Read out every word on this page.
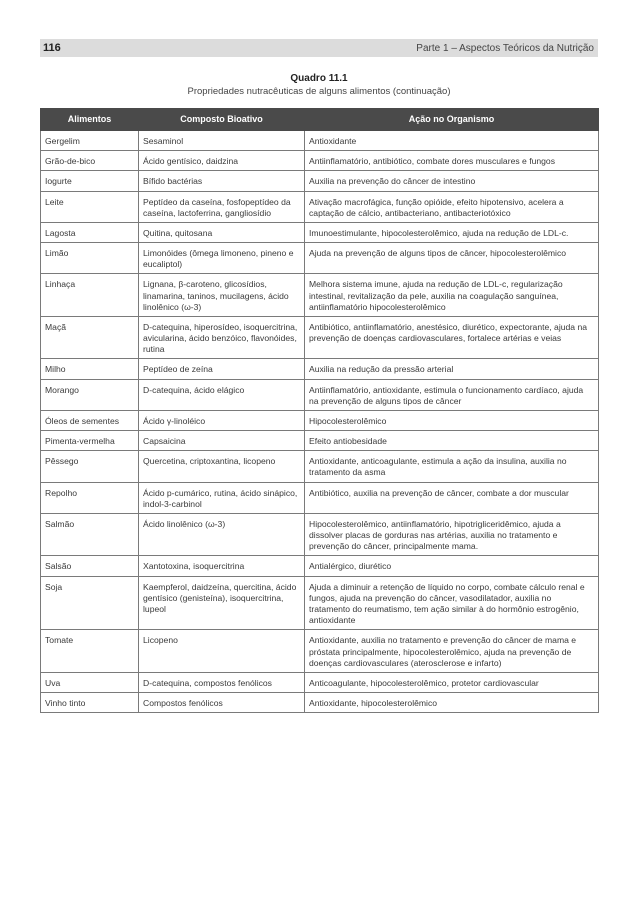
116	Parte 1 – Aspectos Teóricos da Nutrição
Quadro 11.1
Propriedades nutracêuticas de alguns alimentos (continuação)
Alimentos	Composto Bioativo	Ação no Organismo
Gergelim	Sesaminol	Antioxidante
Grão-de-bico	Ácido gentísico, daidzina	Antiinflamatório, antibiótico, combate dores musculares e fungos
Iogurte	Bífido bactérias	Auxilia na prevenção do câncer de intestino
Leite	Peptídeo da caseína, fosfopeptídeo da caseína, lactoferrina, gangliosídio	Ativação macrofágica, função opióide, efeito hipotensivo, acelera a captação de cálcio, antibacteriano, antibacteriotóxico
Lagosta	Quitina, quitosana	Imunoestimulante, hipocolesterolêmico, ajuda na redução de LDL-c.
Limão	Limonóides (ômega limoneno, pineno e eucaliptol)	Ajuda na prevenção de alguns tipos de câncer, hipocolesterolêmico
Linhaça	Lignana, β-caroteno, glicosídios, linamarina, taninos, mucilagens, ácido linolênico (ω-3)	Melhora sistema imune, ajuda na redução de LDL-c, regularização intestinal, revitalização da pele, auxilia na coagulação sanguínea, antiinflamatório hipocolesterolêmico
Maçã	D-catequina, hiperosídeo, isoquercitrina, avicularina, ácido benzóico, flavonóides, rutina	Antibiótico, antiinflamatório, anestésico, diurético, expectorante, ajuda na prevenção de doenças cardiovasculares, fortalece artérias e veias
Milho	Peptídeo de zeína	Auxilia na redução da pressão arterial
Morango	D-catequina, ácido elágico	Antiinflamatório, antioxidante, estimula o funcionamento cardíaco, ajuda na prevenção de alguns tipos de câncer
Óleos de sementes	Ácido γ-linoléico	Hipocolesterolêmico
Pimenta-vermelha	Capsaicina	Efeito antiobesidade
Pêssego	Quercetina, criptoxantina, licopeno	Antioxidante, anticoagulante, estimula a ação da insulina, auxilia no tratamento da asma
Repolho	Ácido p-cumárico, rutina, ácido sinápico, indol-3-carbinol	Antibiótico, auxilia na prevenção de câncer, combate a dor muscular
Salmão	Ácido linolênico (ω-3)	Hipocolesterolêmico, antiinflamatório, hipotrigliceridêmico, ajuda a dissolver placas de gorduras nas artérias, auxilia no tratamento e prevenção do câncer, principalmente mama.
Salsão	Xantotoxina, isoquercitrina	Antialérgico, diurético
Soja	Kaempferol, daidzeína, quercitina, ácido gentísico (genisteína), isoquercitrina, lupeol	Ajuda a diminuir a retenção de líquido no corpo, combate cálculo renal e fungos, ajuda na prevenção do câncer, vasodilatador, auxilia no tratamento do reumatismo, tem ação similar à do hormônio estrogênio, antioxidante
Tomate	Licopeno	Antioxidante, auxilia no tratamento e prevenção do câncer de mama e próstata principalmente, hipocolesterolêmico, ajuda na prevenção de doenças cardiovasculares (aterosclerose e infarto)
Uva	D-catequina, compostos fenólicos	Anticoagulante, hipocolesterolêmico, protetor cardiovascular
Vinho tinto	Compostos fenólicos	Antioxidante, hipocolesterolêmico
